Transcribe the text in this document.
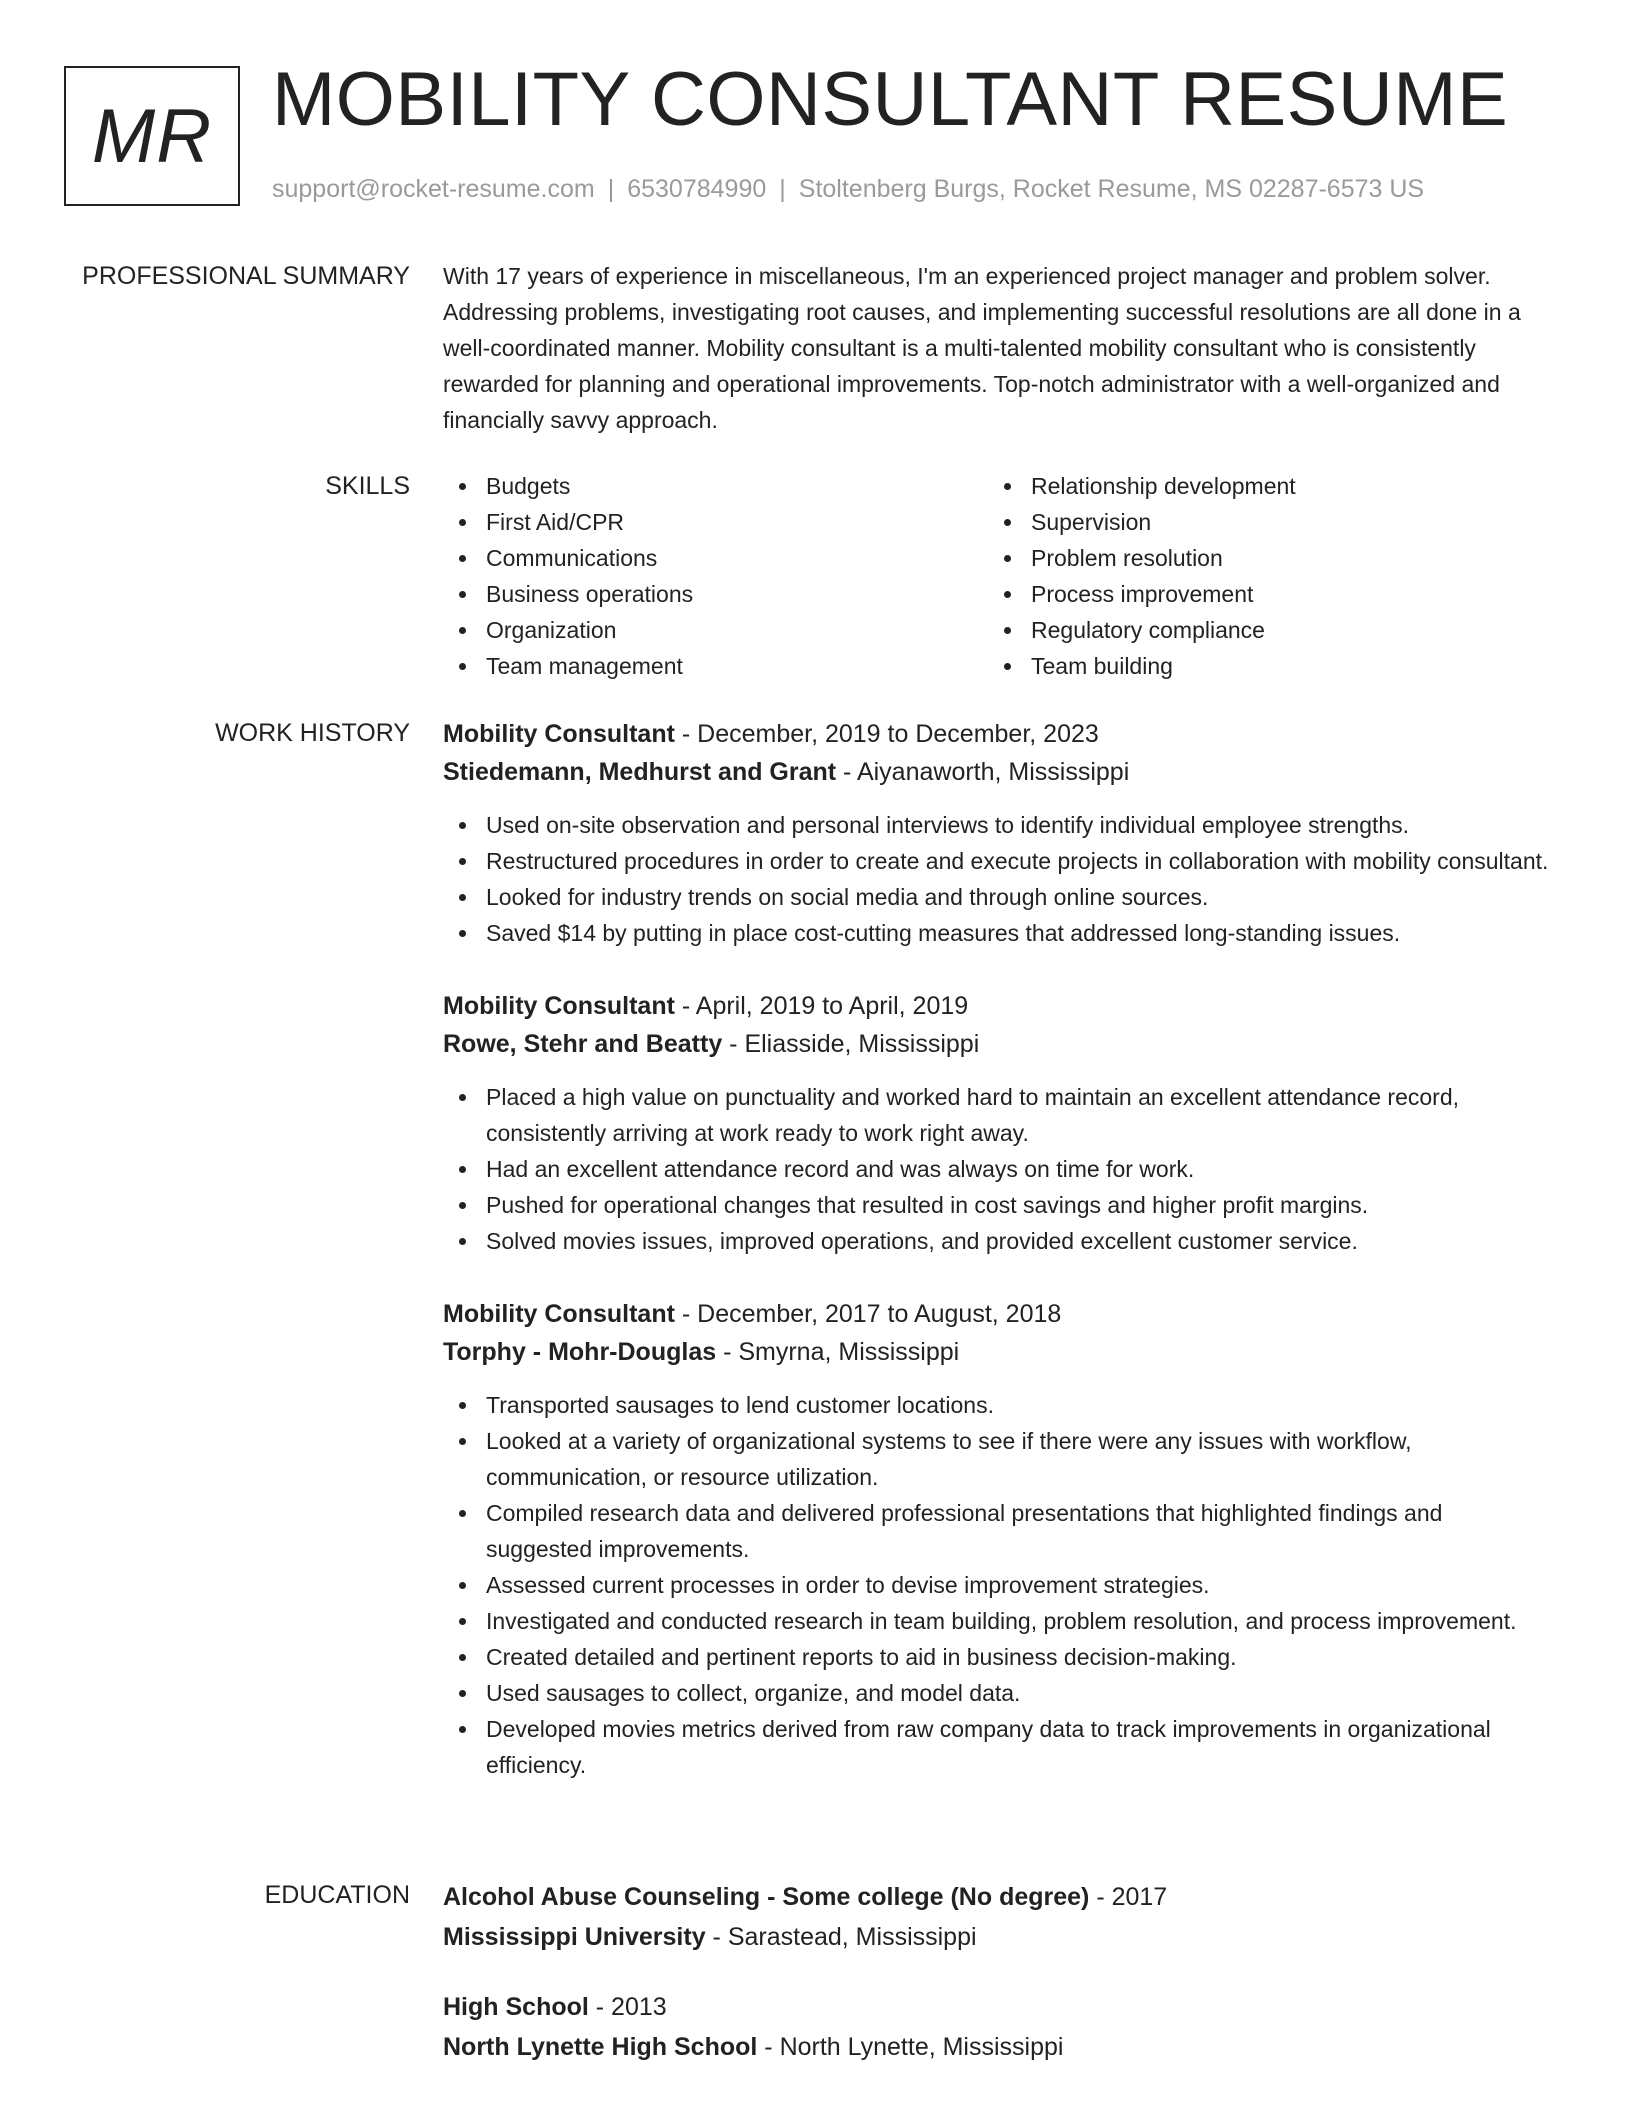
MR MOBILITY CONSULTANT RESUME
support@rocket-resume.com | 6530784990 | Stoltenberg Burgs, Rocket Resume, MS 02287-6573 US
PROFESSIONAL SUMMARY With 17 years of experience in miscellaneous, I'm an experienced project manager and problem solver. Addressing problems, investigating root causes, and implementing successful resolutions are all done in a well-coordinated manner. Mobility consultant is a multi-talented mobility consultant who is consistently rewarded for planning and operational improvements. Top-notch administrator with a well-organized and financially savvy approach.

SKILLS	Budgets
First Aid/CPR
Communications
Business operations
Organization
Team management
Relationship development
Supervision
Problem resolution
Process improvement
Regulatory compliance
Team building
WORK HISTORY Mobility Consultant - December, 2019 to December, 2023
Stiedemann, Medhurst and Grant - Aiyanaworth, Mississippi
Used on-site observation and personal interviews to identify individual employee strengths.
Restructured procedures in order to create and execute projects in collaboration with mobility consultant.
Looked for industry trends on social media and through online sources.
Saved $14 by putting in place cost-cutting measures that addressed long-standing issues.
Mobility Consultant - April, 2019 to April, 2019
Rowe, Stehr and Beatty - Eliasside, Mississippi
Placed a high value on punctuality and worked hard to maintain an excellent attendance record, consistently arriving at work ready to work right away.
Had an excellent attendance record and was always on time for work.
Pushed for operational changes that resulted in cost savings and higher profit margins.
Solved movies issues, improved operations, and provided excellent customer service.
Mobility Consultant - December, 2017 to August, 2018
Torphy - Mohr-Douglas - Smyrna, Mississippi
Transported sausages to lend customer locations.
Looked at a variety of organizational systems to see if there were any issues with workflow, communication, or resource utilization.
Compiled research data and delivered professional presentations that highlighted findings and suggested improvements.
Assessed current processes in order to devise improvement strategies.
Investigated and conducted research in team building, problem resolution, and process improvement.
Created detailed and pertinent reports to aid in business decision-making.
Used sausages to collect, organize, and model data.
Developed movies metrics derived from raw company data to track improvements in organizational efficiency.
EDUCATION Alcohol Abuse Counseling - Some college (No degree) - 2017
Mississippi University - Sarastead, Mississippi
High School - 2013
North Lynette High School - North Lynette, Mississippi
